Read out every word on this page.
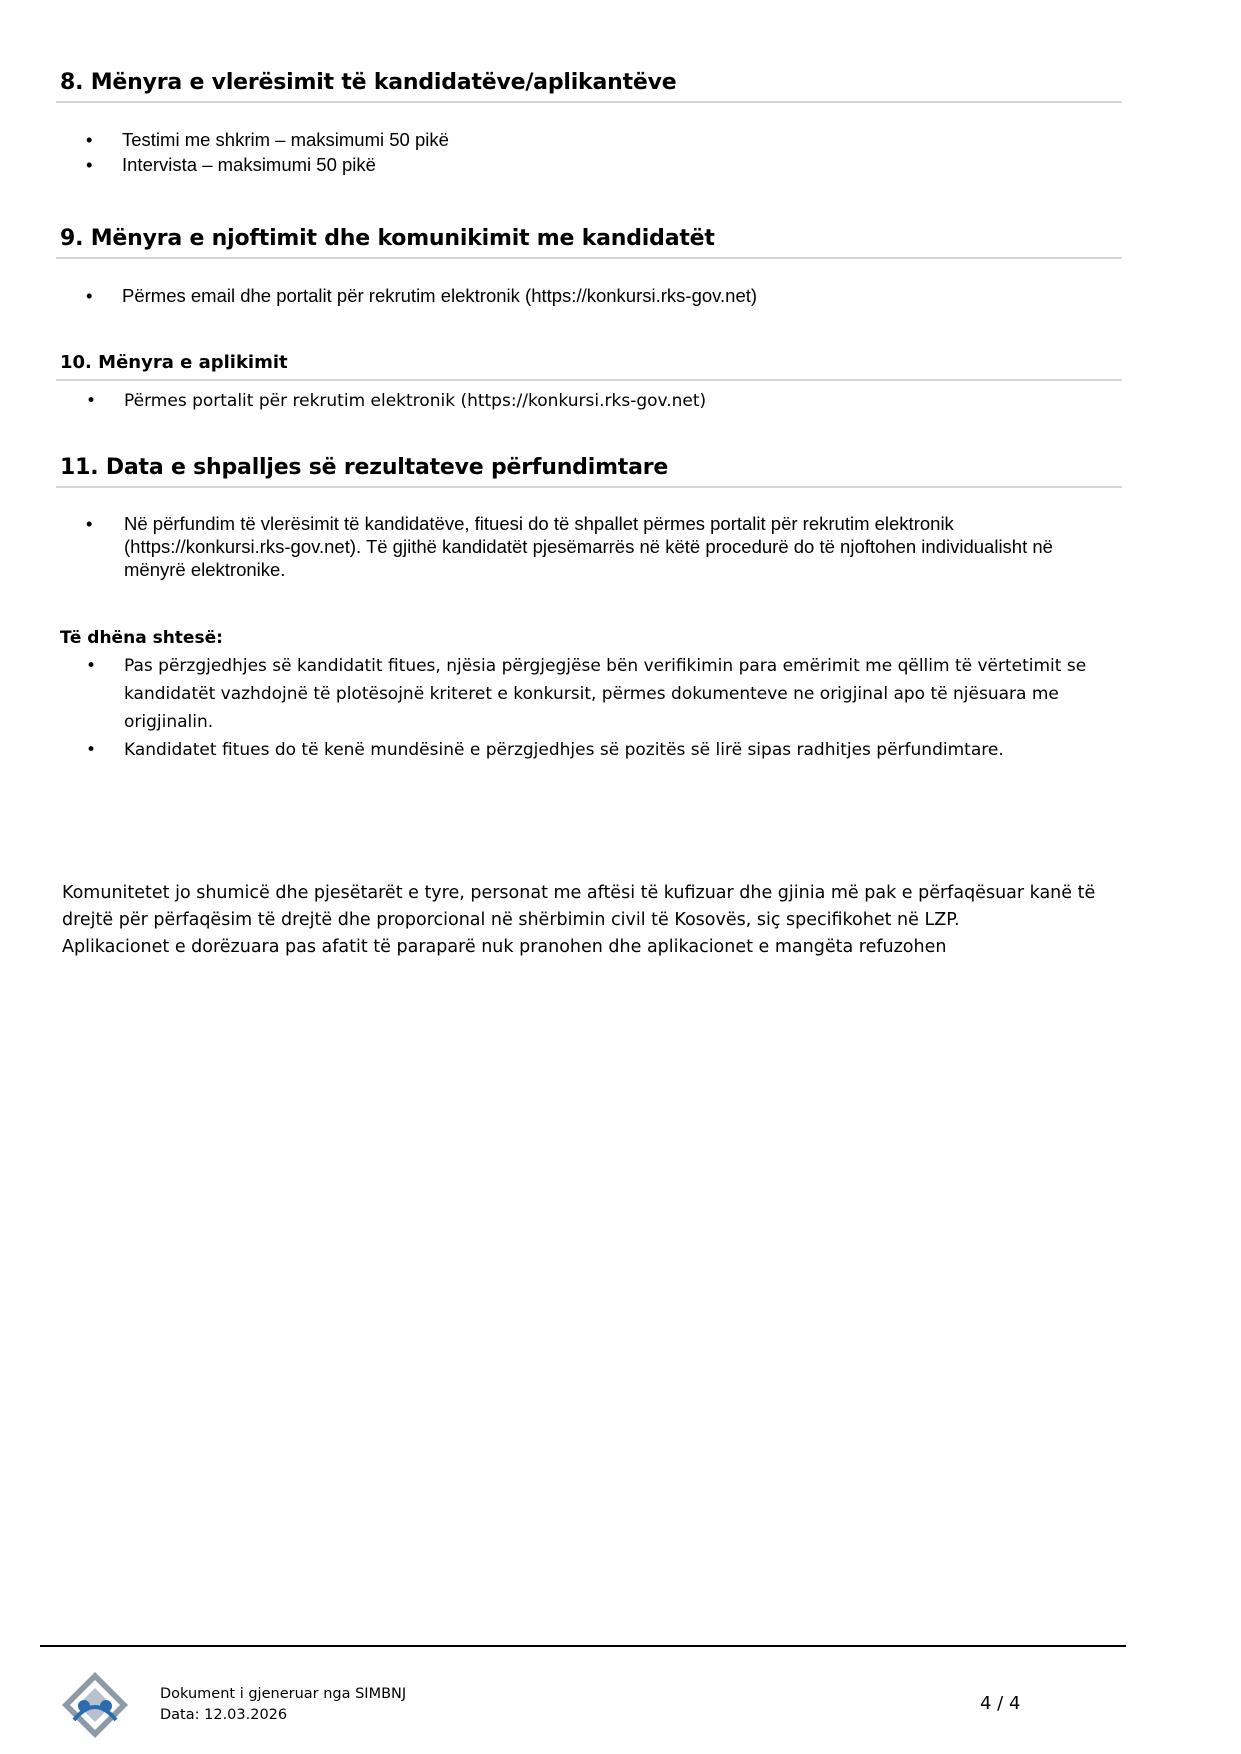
8. Mënyra e vlerësimit të kandidatëve/aplikantëve
• Testimi me shkrim – maksimumi 50 pikë
• Intervista – maksimumi 50 pikë
9. Mënyra e njoftimit dhe komunikimit me kandidatët
• Përmes email dhe portalit për rekrutim elektronik (https://konkursi.rks-gov.net)
10. Mënyra e aplikimit
• Përmes portalit për rekrutim elektronik (https://konkursi.rks-gov.net)
11. Data e shpalljes së rezultateve përfundimtare
• Në përfundim të vlerësimit të kandidatëve, fituesi do të shpallet përmes portalit për rekrutim elektronik (https://konkursi.rks-gov.net). Të gjithë kandidatët pjesëmarrës në këtë procedurë do të njoftohen individualisht në mënyrë elektronike.
Të dhëna shtesë:
• Pas përzgjedhjes së kandidatit fitues, njësia përgjegjëse bën verifikimin para emërimit me qëllim të vërtetimit se kandidatët vazhdojnë të plotësojnë kriteret e konkursit, përmes dokumenteve ne origjinal apo të njësuara me origjinalin.
• Kandidatet fitues do të kenë mundësinë e përzgjedhjes së pozitës së lirë sipas radhitjes përfundimtare.
Komunitetet jo shumicë dhe pjesëtarët e tyre, personat me aftësi të kufizuar dhe gjinia më pak e përfaqësuar kanë të drejtë për përfaqësim të drejtë dhe proporcional në shërbimin civil të Kosovës, siç specifikohet në LZP.
Aplikacionet e dorëzuara pas afatit të paraparë nuk pranohen dhe aplikacionet e mangëta refuzohen
Dokument i gjeneruar nga SIMBNJ
Data: 12.03.2026
4 / 4
